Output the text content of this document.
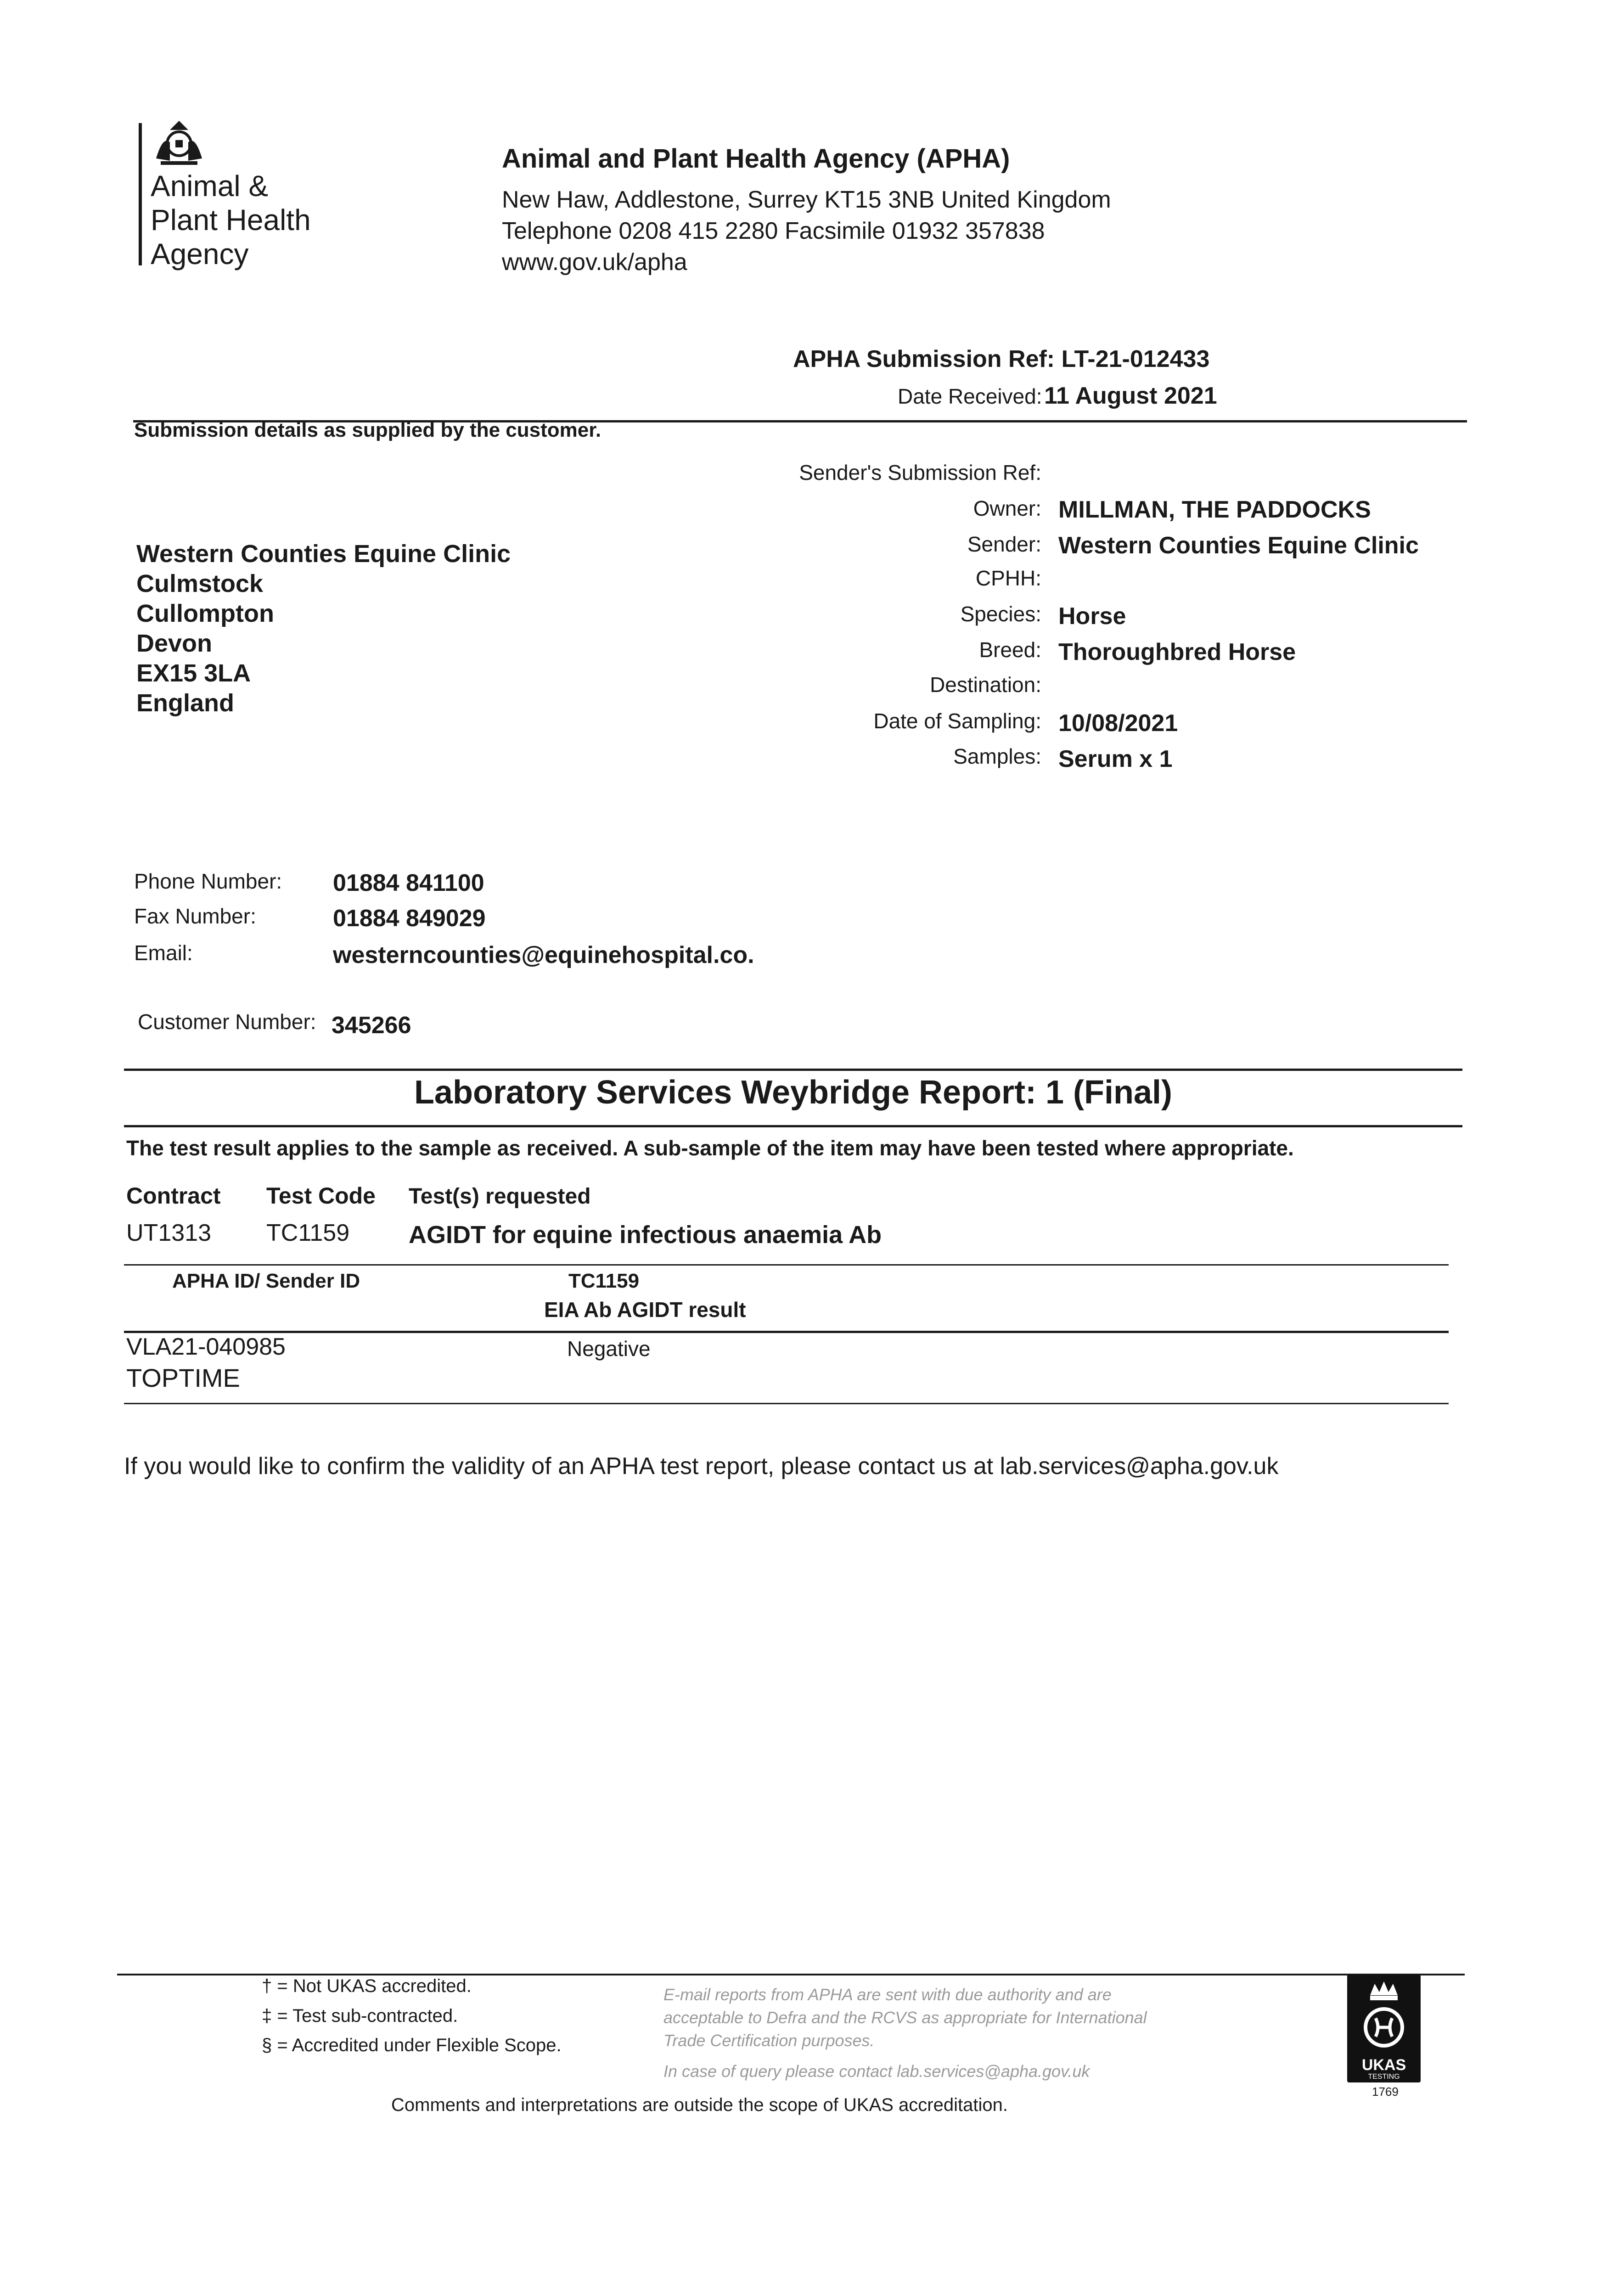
Animal &
Plant Health
Agency
Animal and Plant Health Agency (APHA)
New Haw, Addlestone, Surrey KT15 3NB United Kingdom
Telephone 0208 415 2280 Facsimile 01932 357838
www.gov.uk/apha
APHA Submission Ref: LT-21-012433
Date Received: 11 August 2021
Submission details as supplied by the customer.
Sender's Submission Ref:
Owner: MILLMAN, THE PADDOCKS
Sender: Western Counties Equine Clinic
CPHH:
Species: Horse
Breed: Thoroughbred Horse
Destination:
Date of Sampling: 10/08/2021
Samples: Serum x 1
Western Counties Equine Clinic
Culmstock
Cullompton
Devon
EX15 3LA
England
Phone Number: 01884 841100
Fax Number:	01884 849029
Email:	westerncounties@equinehospital.co.
Customer Number: 345266
Laboratory Services Weybridge Report: 1 (Final)
The test result applies to the sample as received. A sub-sample of the item may have been tested where appropriate.
Contract Test Code Test(s) requested
UT1313 TC1159 AGIDT for equine infectious anaemia Ab
APHA ID/ Sender ID	TC1159
EIA Ab AGIDT result
VLA21-040985
TOPTIME
Negative
If you would like to confirm the validity of an APHA test report, please contact us at lab.services@apha.gov.uk
† = Not UKAS accredited.
‡ = Test sub-contracted.
§ = Accredited under Flexible Scope.
E-mail reports from APHA are sent with due authority and are
acceptable to Defra and the RCVS as appropriate for International
Trade Certification purposes.
In case of query please contact lab.services@apha.gov.uk	UKAS
TESTING
1769
Comments and interpretations are outside the scope of UKAS accreditation.
